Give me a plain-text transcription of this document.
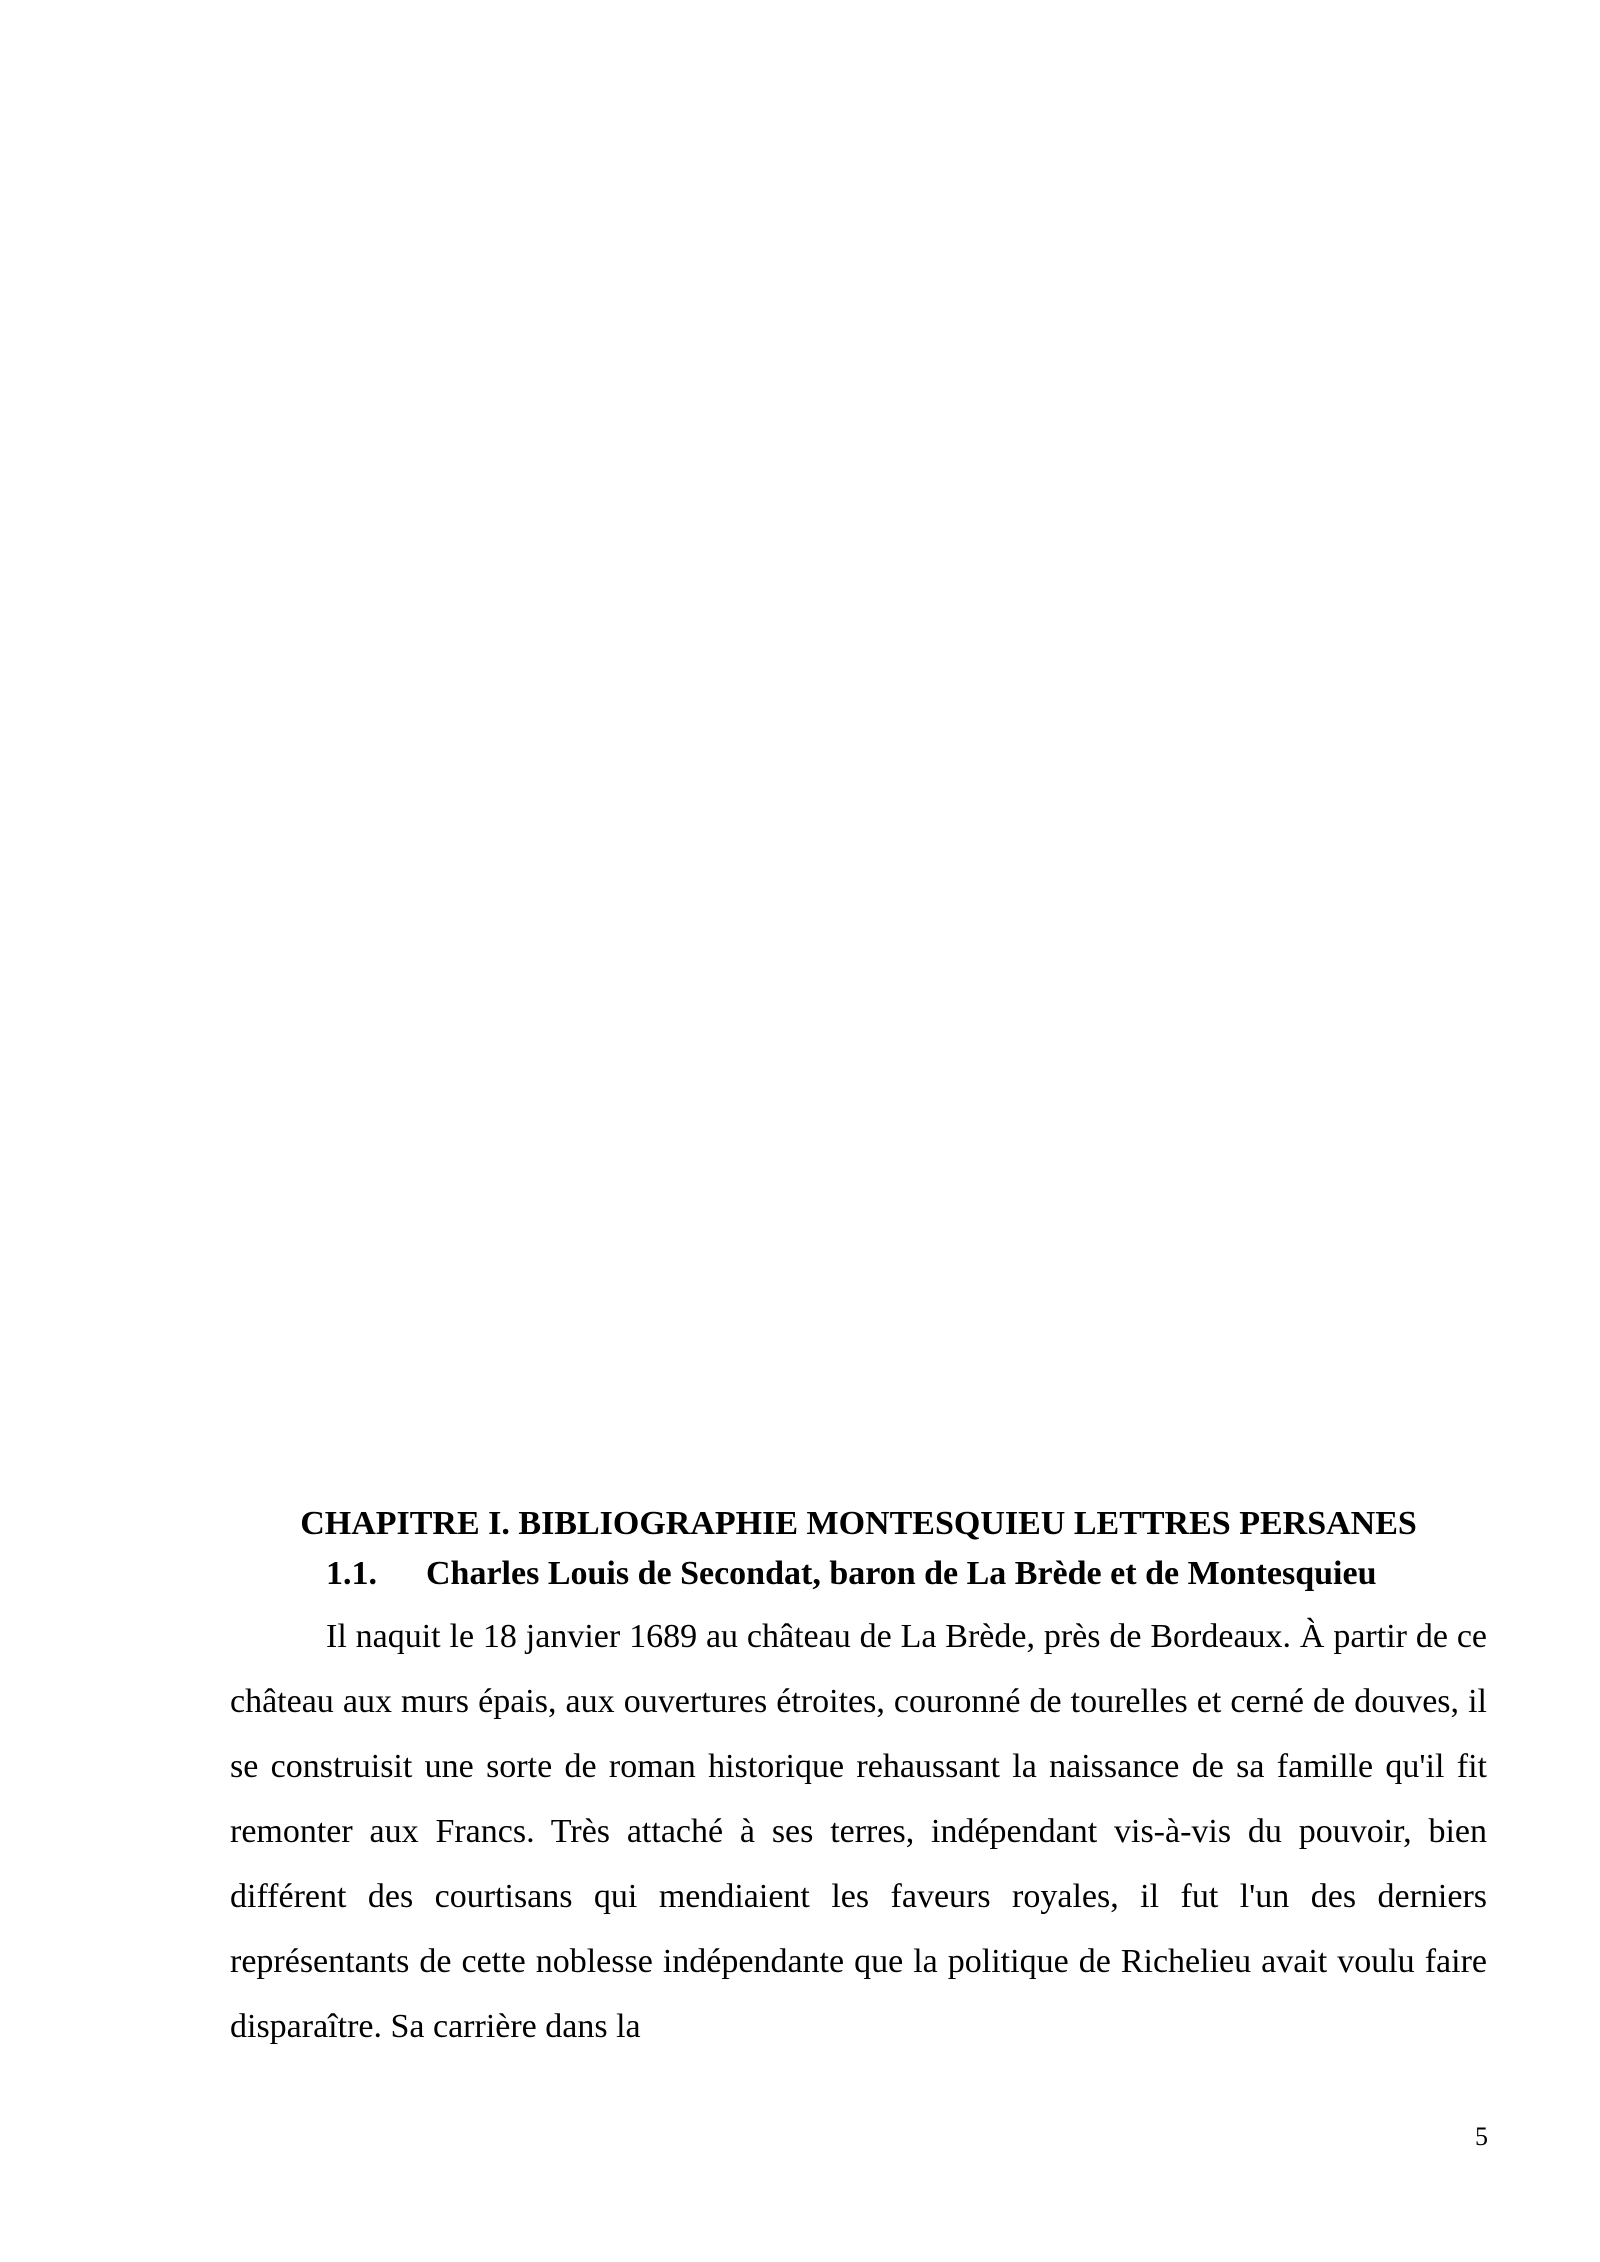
CHAPITRE I. BIBLIOGRAPHIE MONTESQUIEU LETTRES PERSANES
1.1. Charles Louis de Secondat, baron de La Brède et de Montesquieu

Il naquit le 18 janvier 1689 au château de La Brède, près de Bordeaux. À partir de ce château aux murs épais, aux ouvertures étroites, couronné de tourelles et cerné de douves, il se construisit une sorte de roman historique rehaussant la naissance de sa famille qu'il fit remonter aux Francs. Très attaché à ses terres, indépendant vis-à-vis du pouvoir, bien différent des courtisans qui mendiaient les faveurs royales, il fut l'un des derniers représentants de cette noblesse indépendante que la politique de Richelieu avait voulu faire disparaître. Sa carrière dans la

5
